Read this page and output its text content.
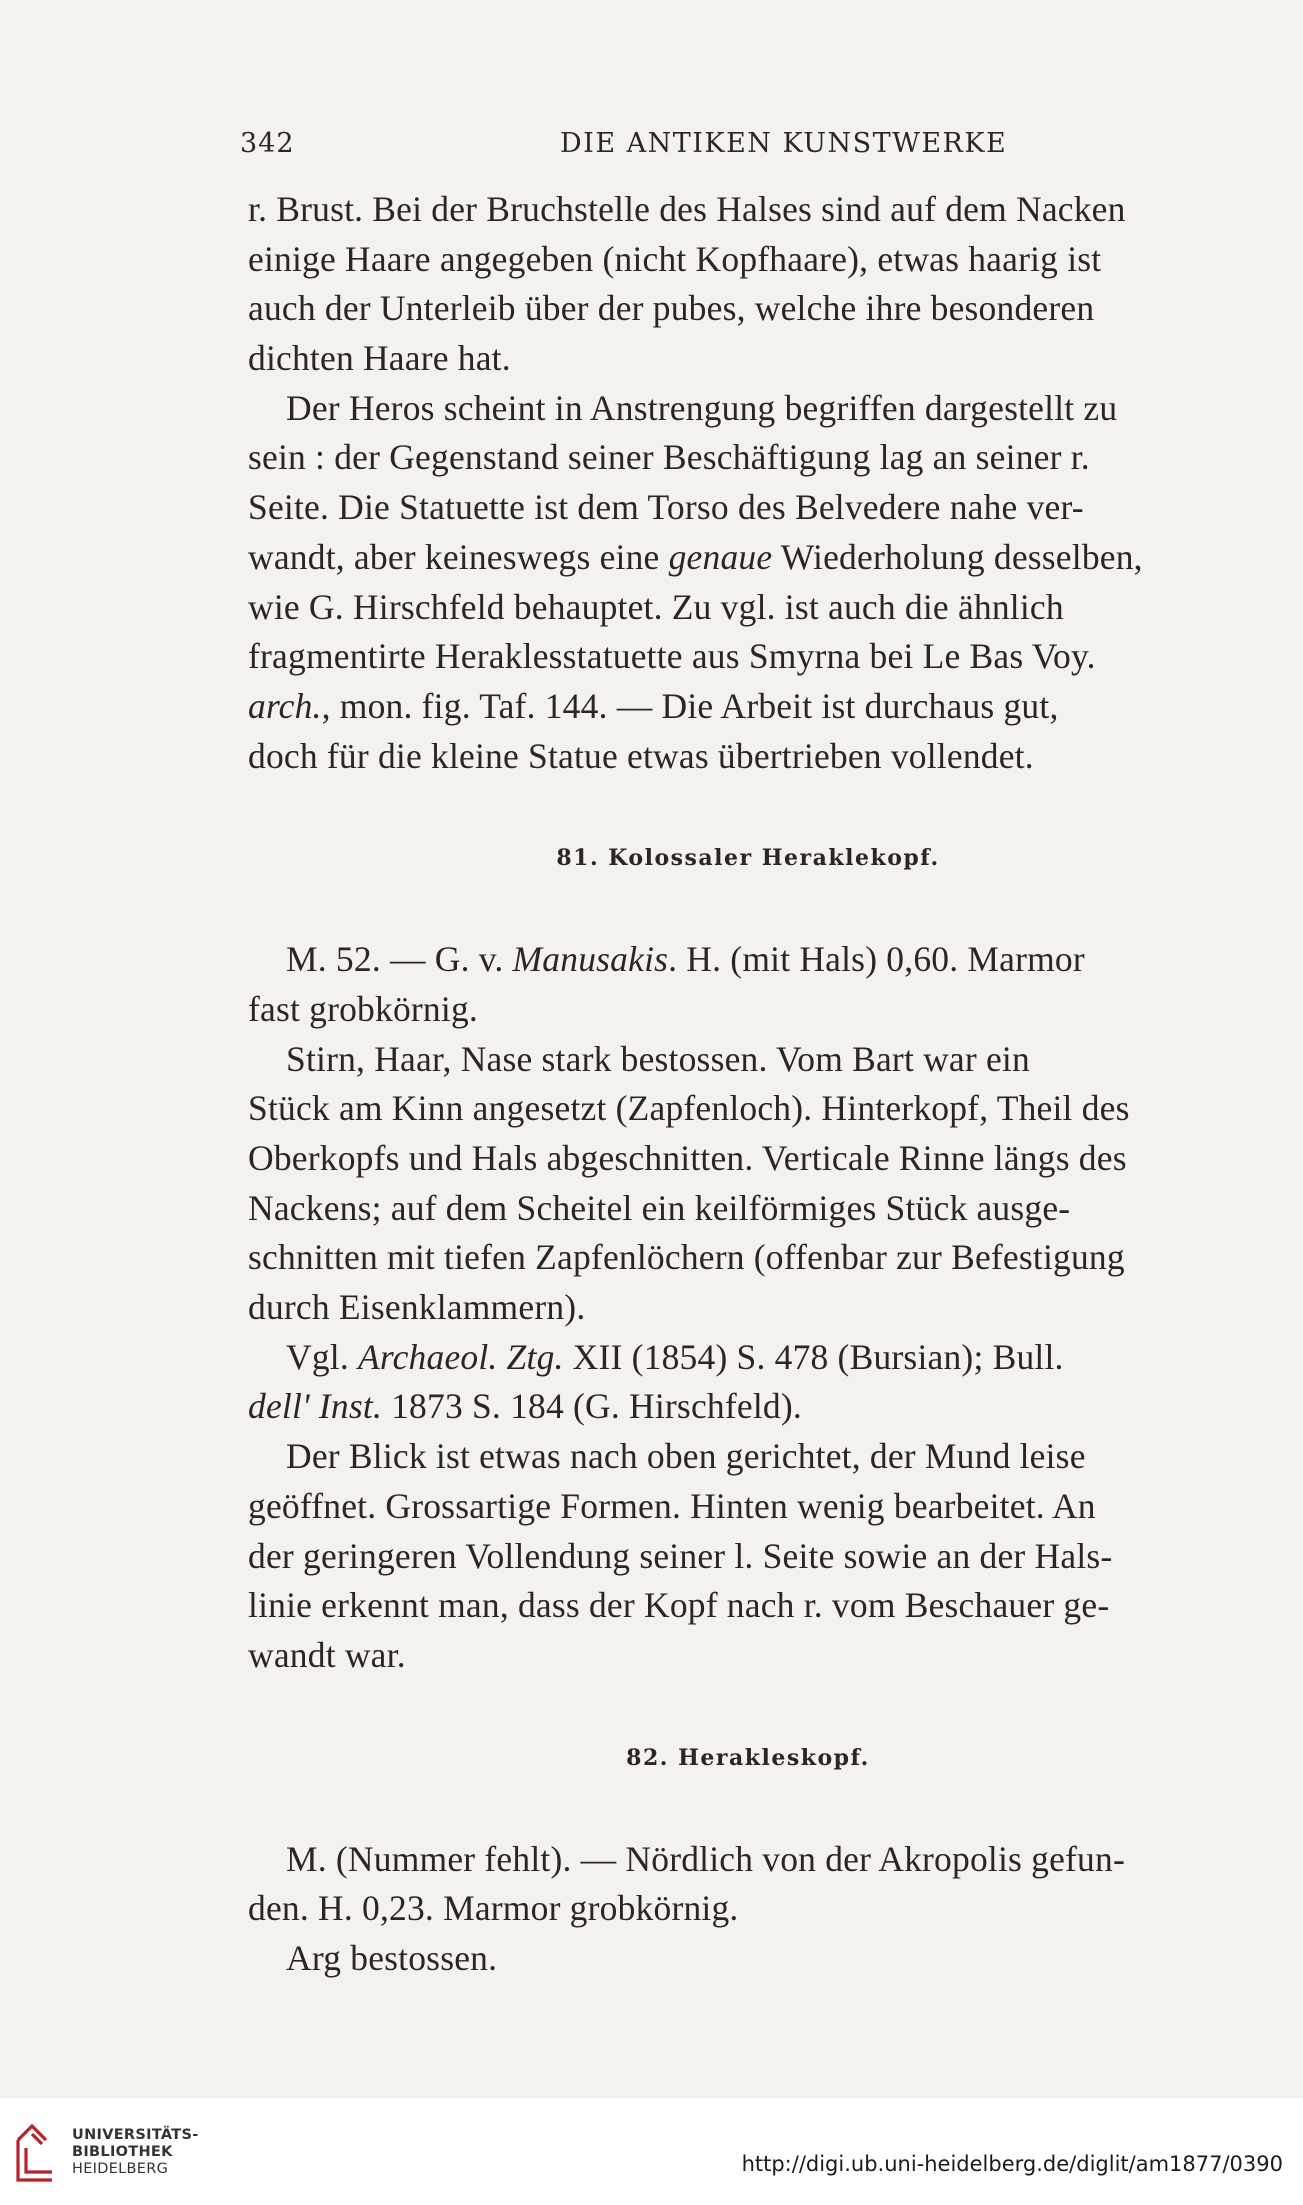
342	DIE ANTIKEN KUNSTWERKE
r. Brust. Bei der Bruchstelle des Halses sind auf dem Nacken
einige Haare angegeben (nicht Kopfhaare), etwas haarig ist
auch der Unterleib über der pubes, welche ihre besonderen
dichten Haare hat.
Der Heros scheint in Anstrengung begriffen dargestellt zu
sein : der Gegenstand seiner Beschäftigung lag an seiner r.
Seite. Die Statuette ist dem Torso des Belvedere nahe ver-
wandt, aber keineswegs eine genaue Wiederholung desselben,
wie G. Hirschfeld behauptet. Zu vgl. ist auch die ähnlich
fragmentirte Heraklesstatuette aus Smyrna bei Le Bas Voy.
arch., mon. fig. Taf. 144. — Die Arbeit ist durchaus gut,
doch für die kleine Statue etwas übertrieben vollendet.
81. Kolossaler Heraklekopf.
M. 52. — G. v. Manusakis. H. (mit Hals) 0,60. Marmor
fast grobkörnig.
Stirn, Haar, Nase stark bestossen. Vom Bart war ein
Stück am Kinn angesetzt (Zapfenloch). Hinterkopf, Theil des
Oberkopfs und Hals abgeschnitten. Verticale Rinne längs des
Nackens; auf dem Scheitel ein keilförmiges Stück ausge-
schnitten mit tiefen Zapfenlöchern (offenbar zur Befestigung
durch Eisenklammern).
Vgl. Archaeol. Ztg. XII (1854) S. 478 (Bursian); Bull.
dell' Inst. 1873 S. 184 (G. Hirschfeld).
Der Blick ist etwas nach oben gerichtet, der Mund leise
geöffnet. Grossartige Formen. Hinten wenig bearbeitet. An
der geringeren Vollendung seiner l. Seite sowie an der Hals-
linie erkennt man, dass der Kopf nach r. vom Beschauer ge-
wandt war.
82. Herakleskopf.
M. (Nummer fehlt). — Nördlich von der Akropolis gefun-
den. H. 0,23. Marmor grobkörnig.
Arg bestossen.
UNIVERSITÄTS-
BIBLIOTHEK
HEIDELBERG	http://digi.ub.uni-heidelberg.de/diglit/am1877/0390
